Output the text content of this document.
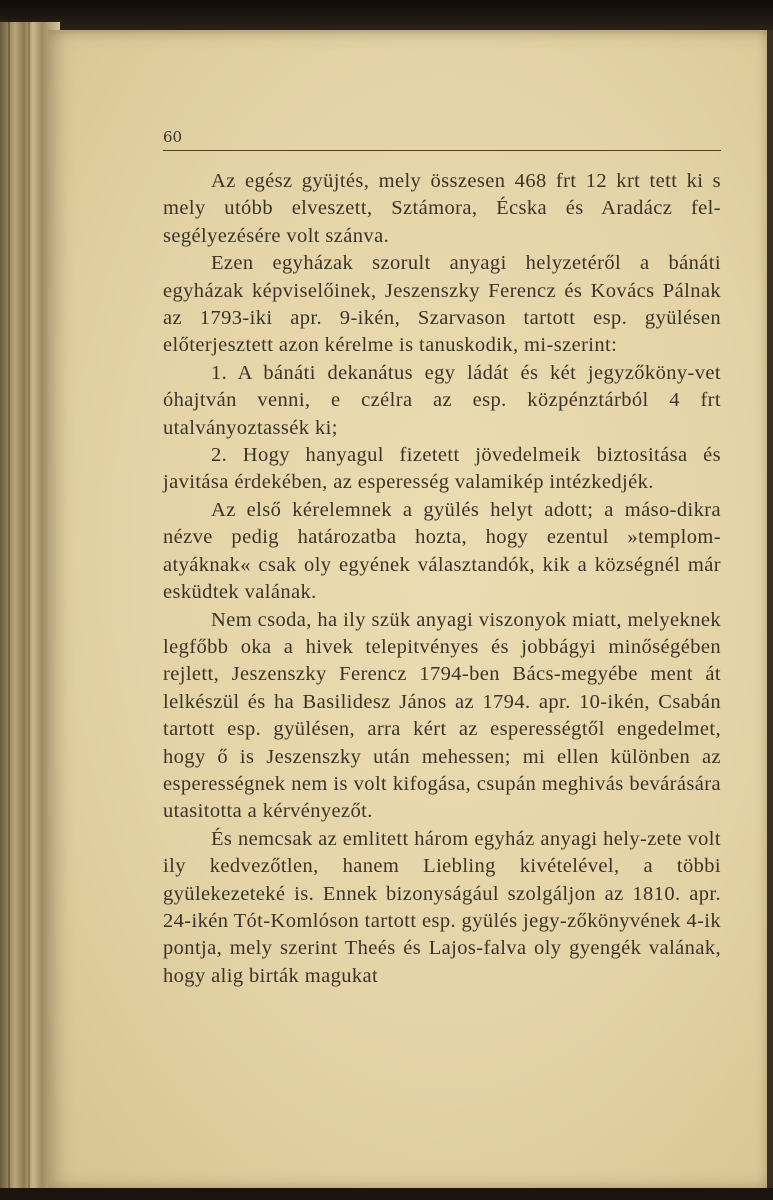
60

Az egész gyüjtés, mely összesen 468 frt 12 krt tett ki s mely utóbb elveszett, Sztámora, Écska és Aradácz fel-segélyezésére volt szánva.

Ezen egyházak szorult anyagi helyzetéről a bánáti egyházak képviselőinek, Jeszenszky Ferencz és Kovács Pálnak az 1793-iki apr. 9-ikén, Szarvason tartott esp. gyülésen előterjesztett azon kérelme is tanuskodik, mi-szerint:

1. A bánáti dekanátus egy ládát és két jegyzőköny-vet óhajtván venni, e czélra az esp. közpénztárból 4 frt utalványoztassék ki;

2. Hogy hanyagul fizetett jövedelmeik biztositása és javitása érdekében, az esperesség valamikép intézkedjék.

Az első kérelemnek a gyülés helyt adott; a máso-dikra nézve pedig határozatba hozta, hogy ezentul »templom-atyáknak« csak oly egyének választandók, kik a községnél már esküdtek valának.

Nem csoda, ha ily szük anyagi viszonyok miatt, melyeknek legfőbb oka a hivek telepitvényes és jobbágyi minőségében rejlett, Jeszenszky Ferencz 1794-ben Bács-megyébe ment át lelkészül és ha Basilidesz János az 1794. apr. 10-ikén, Csabán tartott esp. gyülésen, arra kért az esperességtől engedelmet, hogy ő is Jeszenszky után mehessen; mi ellen különben az esperességnek nem is volt kifogása, csupán meghivás bevárására utasitotta a kérvényezőt.

És nemcsak az emlitett három egyház anyagi hely-zete volt ily kedvezőtlen, hanem Liebling kivételével, a többi gyülekezeteké is. Ennek bizonyságául szolgáljon az 1810. apr. 24-ikén Tót-Komlóson tartott esp. gyülés jegy-zőkönyvének 4-ik pontja, mely szerint Theés és Lajos-falva oly gyengék valának, hogy alig birták magukat
